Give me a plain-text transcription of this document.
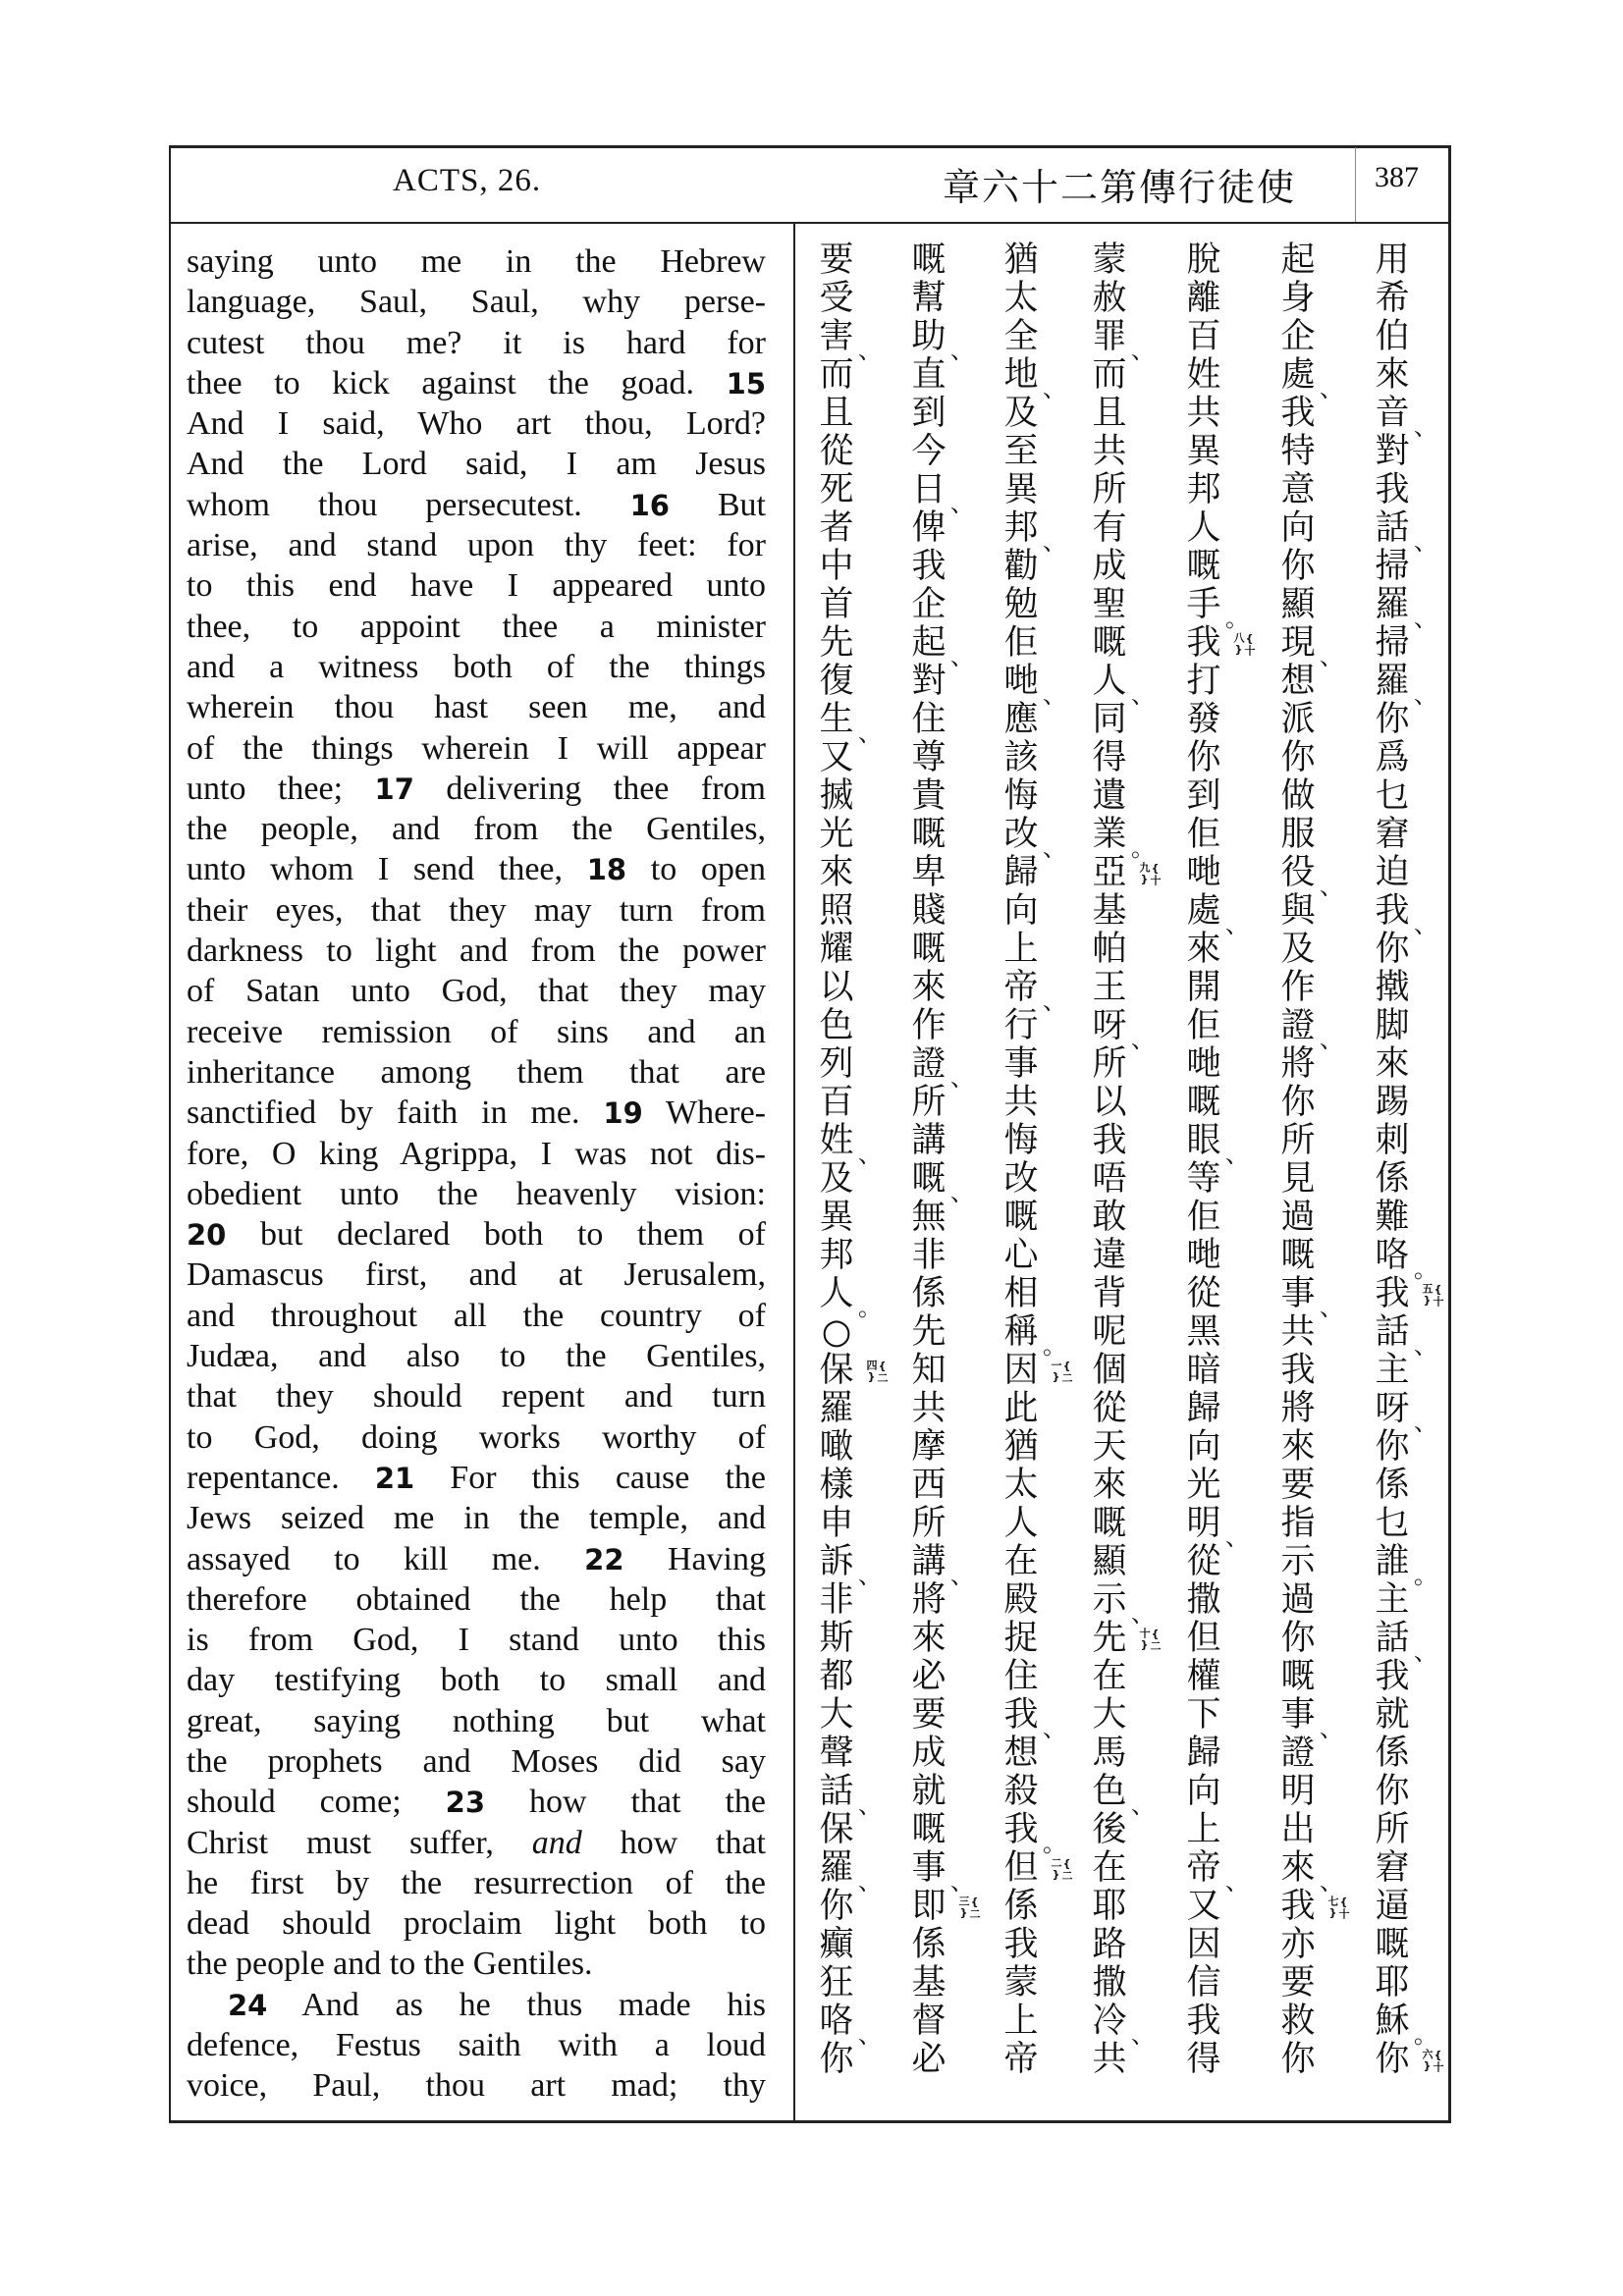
ACTS, 26.	使徒行傳第二十六章	387
saying unto me in the Hebrew
language, Saul, Saul, why perse-
cutest thou me? it is hard for
thee to kick against the goad. 15
And I said, Who art thou, Lord?
And the Lord said, I am Jesus
whom thou persecutest. 16 But
arise, and stand upon thy feet: for
to this end have I appeared unto
thee, to appoint thee a minister
and a witness both of the things
wherein thou hast seen me, and
of the things wherein I will appear
unto thee; 17 delivering thee from
the people, and from the Gentiles,
unto whom I send thee, 18 to open
their eyes, that they may turn from
darkness to light and from the power
of Satan unto God, that they may
receive remission of sins and an
inheritance among them that are
sanctified by faith in me. 19 Where-
fore, O king Agrippa, I was not dis-
obedient unto the heavenly vision:
20 but declared both to them of
Damascus first, and at Jerusalem,
and throughout all the country of
Judæa, and also to the Gentiles,
that they should repent and turn
to God, doing works worthy of
repentance. 21 For this cause the
Jews seized me in the temple, and
assayed to kill me. 22 Having
therefore obtained the help that
is from God, I stand unto this
day testifying both to small and
great, saying nothing but what
the prophets and Moses did say
should come; 23 how that the
Christ must suffer, and how that
he first by the resurrection of the
dead should proclaim light both to
the people and to the Gentiles.
24 And as he thus made his
defence, Festus saith with a loud
voice, Paul, thou art mad; thy
用
希
伯
來
音 、
對
我
話 、
掃
羅 、
掃
羅 、
你
爲
乜
窘
迫
我 、
你
撠
脚
來
踢
刺
係
難
咯 。
{十五}
我
話 、
主
呀 、
你
係
乜
誰 。
主
話 、
我
就
係
你
所
窘
逼
嘅
耶
穌 。
{十六}
你
起
身
企
處 、
我
特
意
向
你
顯
現 、
想
派
你
做
服
役 、
與
及
作
證 、
將
你
所
見
過
嘅
事 、
共
我
將
來
要
指
示
過
你
嘅
事 、
證
明
出
來 、
{十七}
我
亦
要
救
你
脫
離
百
姓
共
異
邦
人
嘅
手 。
{十八}
我
打
發
你
到
佢
哋
處 、
來
開
佢
哋
嘅
眼 、
等
佢
哋
從
黑
暗
歸
向
光
明 、
從
撒
但
權
下
歸
向
上
帝 、
又
因
信
我
得
蒙
赦
罪 、
而
且
共
所
有
成
聖
嘅
人 、
同
得
遺
業 。
{十九}
亞
基
帕
王
呀 、
所
以
我
唔
敢
違
背
呢
個
從
天
來
嘅
顯
示 、
{二十}
先
在
大
馬
色 、
後
在
耶
路
撒
冷 、
共
猶
太
全
地 、
及
至
異
邦 、
勸
勉
佢
哋 、
應
該
悔
改 、
歸
向
上
帝 、
行
事
共
悔
改
嘅
心
相
稱 。
{二一}
因
此
猶
太
人
在
殿
捉
住
我 、
想
殺
我 。
{二二}
但
係
我
蒙
上
帝
嘅
幫
助 、
直
到
今
日 、
俾
我
企
起 、
對
住
尊
貴
嘅
卑
賤
嘅
來
作
證 、
所
講
嘅 、
無
非
係
先
知
共
摩
西
所
講 、
將
來
必
要
成
就
嘅
事 、
{二三}
即
係
基
督
必
要
受
害 、
而
且
從
死
者
中
首
先
復
生 、
又
搣
光
來
照
耀
以
色
列
百
姓 、
及
異
邦
人 。
○
{二四}
保
羅
噉
樣
申
訴 、
非
斯
都
大
聲
話 、
保
羅 、
你
癲
狂
咯 、
你
